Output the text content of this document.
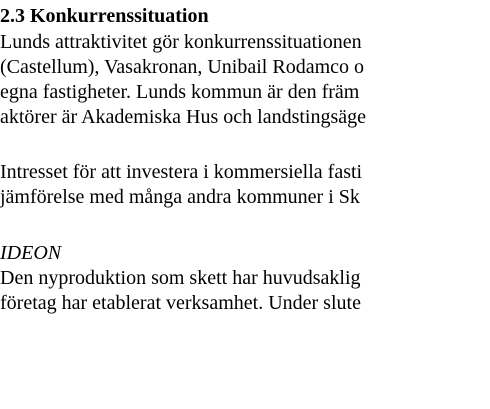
2.3 Konkurrenssituation

Lunds attraktivitet gör konkurrenssituationen

(Castellum), Vasakronan, Unibail Rodamco o

egna fastigheter. Lunds kommun är den främ

aktörer är Akademiska Hus och landstingsäge

Intresset för att investera i kommersiella fasti

jämförelse med många andra kommuner i Sk

IDEON

Den nyproduktion som skett har huvudsaklig

företag har etablerat verksamhet. Under slute
